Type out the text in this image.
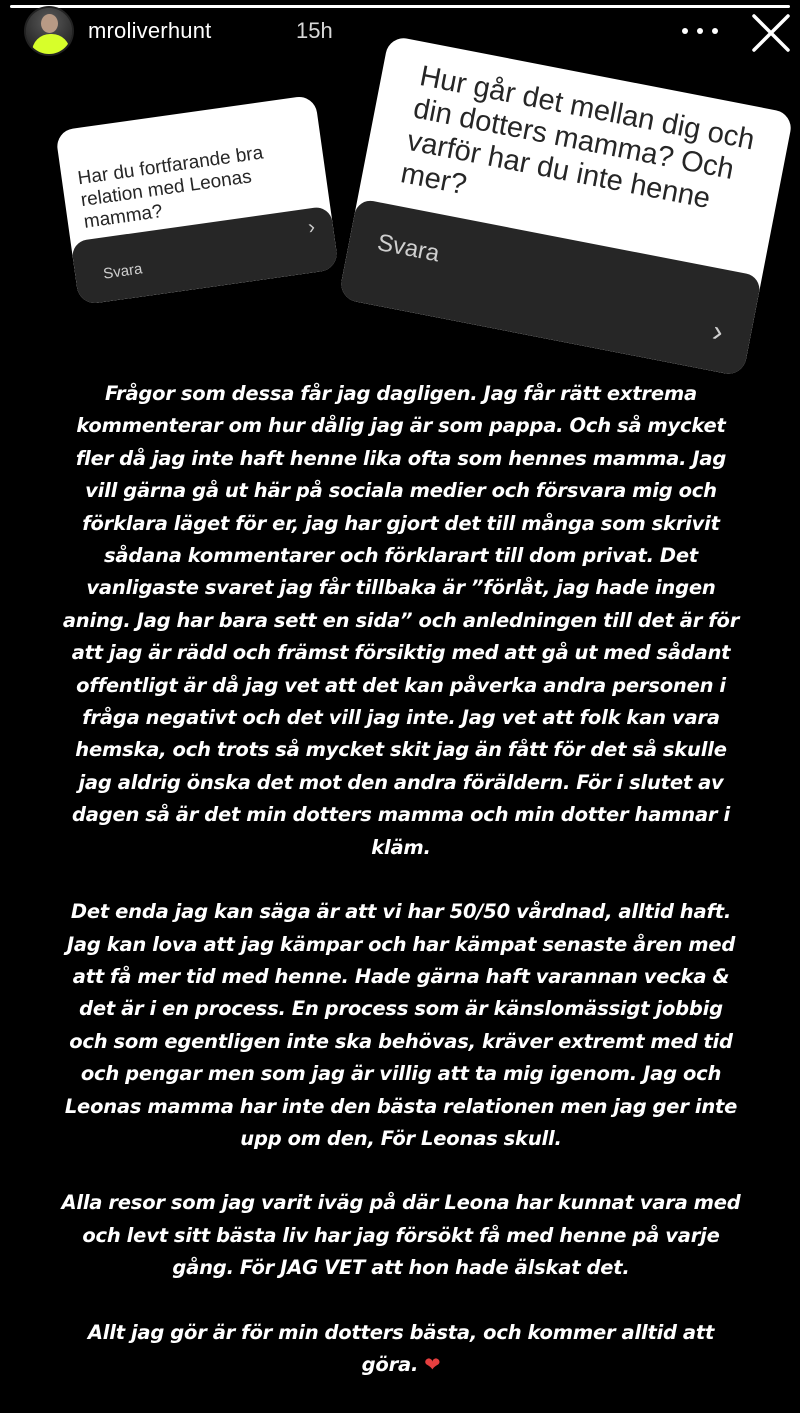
mroliverhunt	15h
Har du fortfarande bra relation med Leonas mamma?
Svara
›
Hur går det mellan dig och din dotters mamma? Och varför har du inte henne mer?
Svara
›

Frågor som dessa får jag dagligen. Jag får rätt extrema kommenterar om hur dålig jag är som pappa. Och så mycket fler då jag inte haft henne lika ofta som hennes mamma. Jag vill gärna gå ut här på sociala medier och försvara mig och förklara läget för er, jag har gjort det till många som skrivit sådana kommentarer och förklarart till dom privat. Det vanligaste svaret jag får tillbaka är ”förlåt, jag hade ingen aning. Jag har bara sett en sida” och anledningen till det är för att jag är rädd och främst försiktig med att gå ut med sådant offentligt är då jag vet att det kan påverka andra personen i fråga negativt och det vill jag inte. Jag vet att folk kan vara hemska, och trots så mycket skit jag än fått för det så skulle jag aldrig önska det mot den andra föräldern. För i slutet av dagen så är det min dotters mamma och min dotter hamnar i kläm.

Det enda jag kan säga är att vi har 50/50 vårdnad, alltid haft. Jag kan lova att jag kämpar och har kämpat senaste åren med att få mer tid med henne. Hade gärna haft varannan vecka & det är i en process. En process som är känslomässigt jobbig och som egentligen inte ska behövas, kräver extremt med tid och pengar men som jag är villig att ta mig igenom. Jag och Leonas mamma har inte den bästa relationen men jag ger inte upp om den, För Leonas skull.

Alla resor som jag varit iväg på där Leona har kunnat vara med och levt sitt bästa liv har jag försökt få med henne på varje gång. För JAG VET att hon hade älskat det.

Allt jag gör är för min dotters bästa, och kommer alltid att göra. ❤
